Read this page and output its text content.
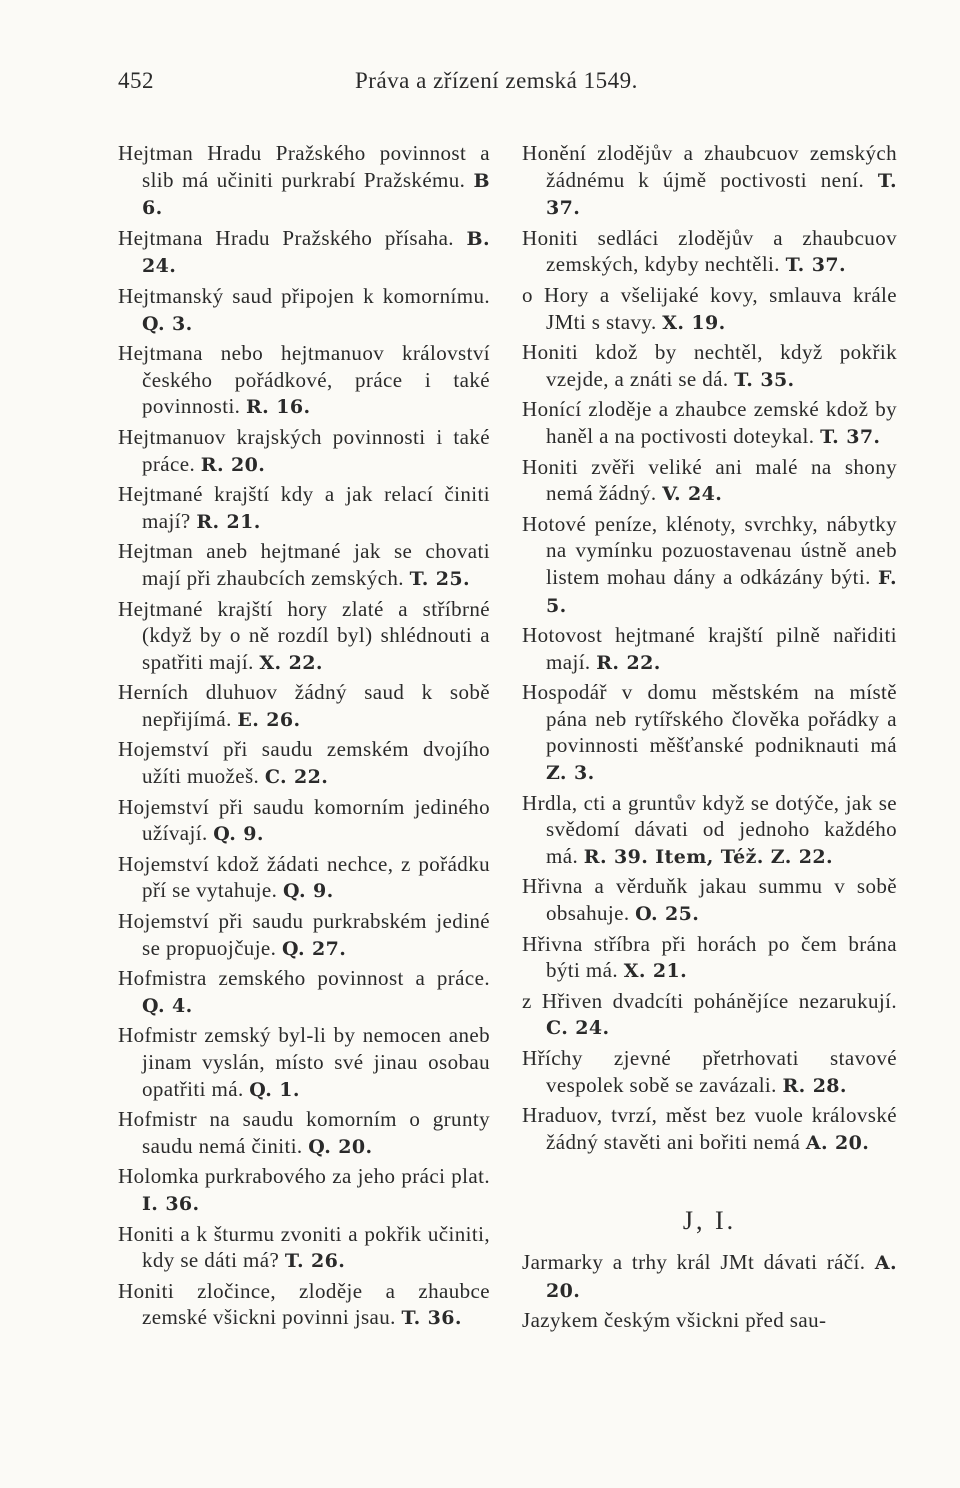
452	Práva a zřízení zemská 1549.
Hejtman Hradu Pražského povinnost a slib má učiniti purkrabí Pražskému. B 6.
Hejtmana Hradu Pražského přísaha. B. 24.
Hejtmanský saud připojen k komornímu. Q. 3.
Hejtmana nebo hejtmanuov království českého pořádkové, práce i také povinnosti. R. 16.
Hejtmanuov krajských povinnosti i také práce. R. 20.
Hejtmané krajští kdy a jak relací činiti mají? R. 21.
Hejtman aneb hejtmané jak se chovati mají při zhaubcích zemských. T. 25.
Hejtmané krajští hory zlaté a stříbrné (když by o ně rozdíl byl) shlédnouti a spatřiti mají. X. 22.
Herních dluhuov žádný saud k sobě nepřijímá. E. 26.
Hojemství při saudu zemském dvojího užíti muožeš. C. 22.
Hojemství při saudu komorním jediného užívají. Q. 9.
Hojemství kdož žádati nechce, z pořádku pří se vytahuje. Q. 9.
Hojemství při saudu purkrabském jediné se propuojčuje. Q. 27.
Hofmistra zemského povinnost a práce. Q. 4.
Hofmistr zemský byl-li by nemocen aneb jinam vyslán, místo své jinau osobau opatřiti má. Q. 1.
Hofmistr na saudu komorním o grunty saudu nemá činiti. Q. 20.
Holomka purkrabového za jeho práci plat. I. 36.
Honiti a k šturmu zvoniti a pokřik učiniti, kdy se dáti má? T. 26.
Honiti zločince, zloděje a zhaubce zemské všickni povinni jsau. T. 36.
Honění zlodějův a zhaubcuov zemských žádnému k újmě poctivosti není. T. 37.
Honiti sedláci zlodějův a zhaubcuov zemských, kdyby nechtěli. T. 37.
o Hory a všelijaké kovy, smlauva krále JMti s stavy. X. 19.
Honiti kdož by nechtěl, když pokřik vzejde, a znáti se dá. T. 35.
Honící zloděje a zhaubce zemské kdož by haněl a na poctivosti doteykal. T. 37.
Honiti zvěři veliké ani malé na shony nemá žádný. V. 24.
Hotové peníze, klénoty, svrchky, nábytky na vymínku pozuostavenau ústně aneb listem mohau dány a odkázány býti. F. 5.
Hotovost hejtmané krajští pilně nařiditi mají. R. 22.
Hospodář v domu městském na místě pána neb rytířského člověka pořádky a povinnosti měšťanské podniknauti má Z. 3.
Hrdla, cti a gruntův když se dotýče, jak se svědomí dávati od jednoho každého má. R. 39. Item, Též. Z. 22.
Hřivna a věrduňk jakau summu v sobě obsahuje. O. 25.
Hřivna stříbra při horách po čem brána býti má. X. 21.
z Hřiven dvadcíti pohánějíce nezarukují. C. 24.
Hříchy zjevné přetrhovati stavové vespolek sobě se zavázali. R. 28.
Hraduov, tvrzí, měst bez vuole královské žádný stavěti ani bořiti nemá A. 20.
J, I.
Jarmarky a trhy král JMt dávati ráčí. A. 20.
Jazykem českým všickni před sau-
